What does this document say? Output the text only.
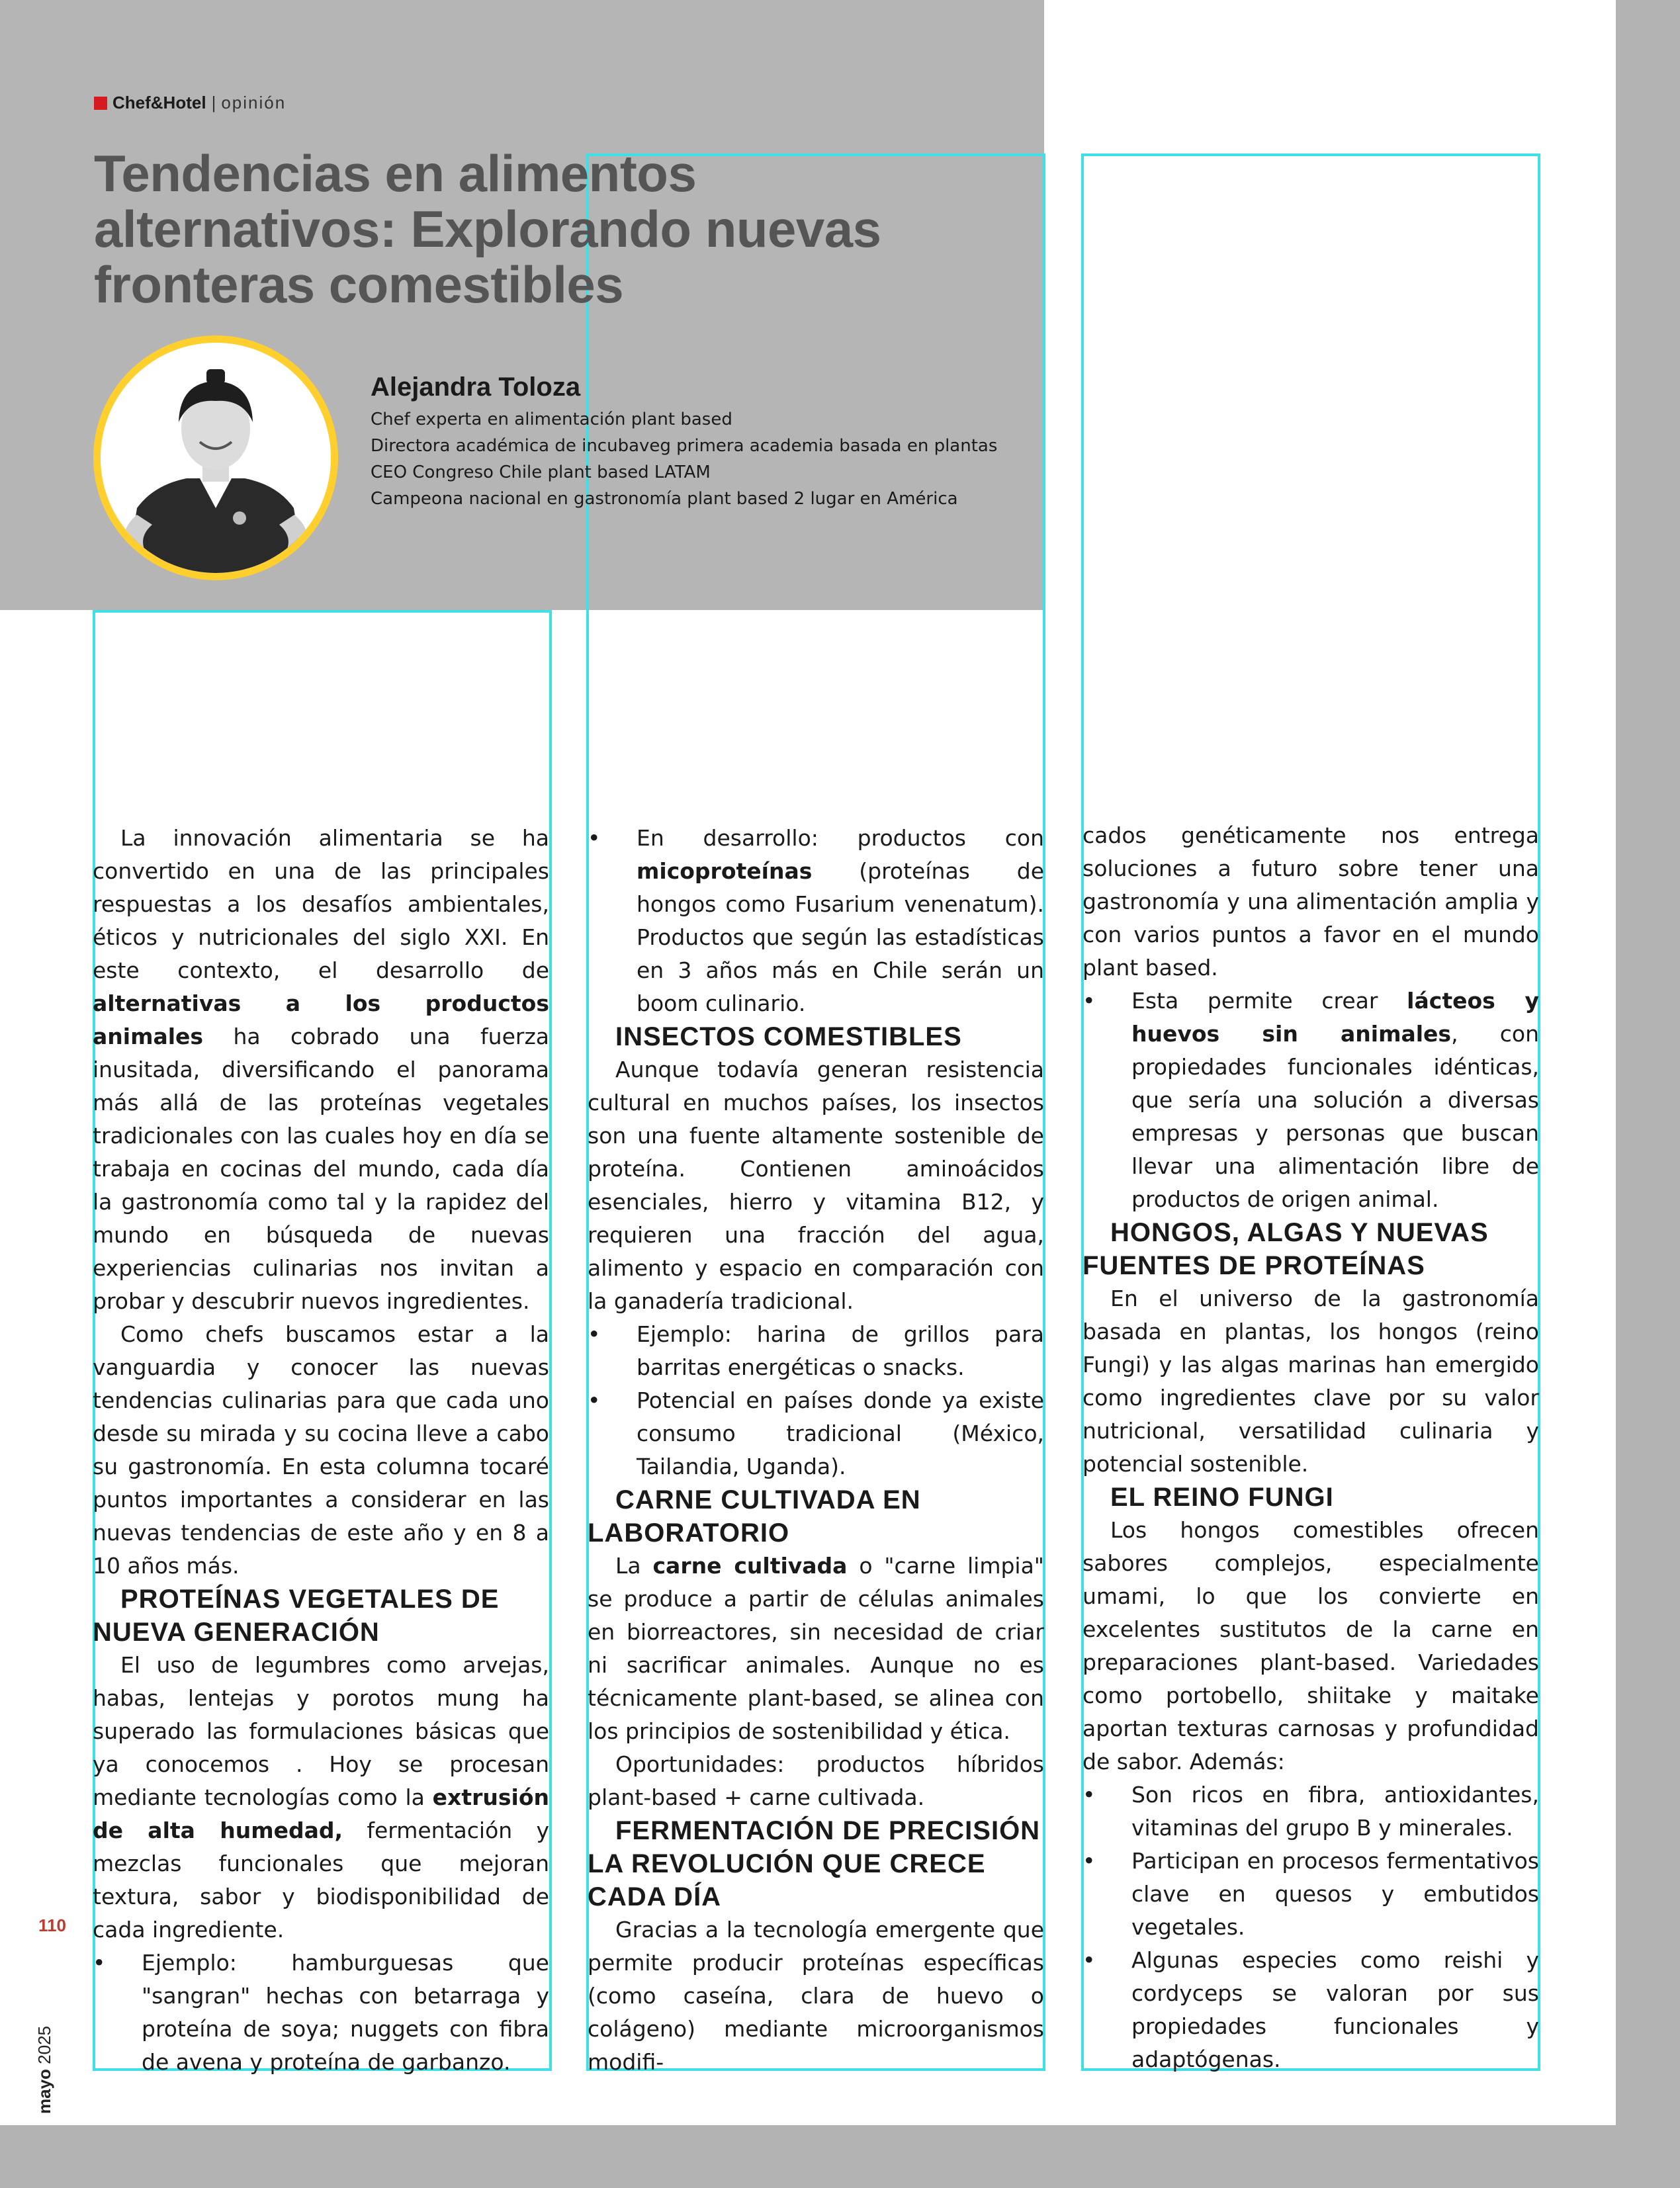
Chef&Hotel | opinión
Tendencias en alimentos alternativos: Explorando nuevas fronteras comestibles
Alejandra Toloza
Chef experta en alimentación plant based
Directora académica de incubaveg primera academia basada en plantas
CEO Congreso Chile plant based LATAM
Campeona nacional en gastronomía plant based 2 lugar en América

La innovación alimentaria se ha convertido en una de las principales respuestas a los desafíos ambientales, éticos y nutricionales del siglo XXI. En este contexto, el desarrollo de alternativas a los productos animales ha cobrado una fuerza inusitada, diversificando el panorama más allá de las proteínas vegetales tradicionales con las cuales hoy en día se trabaja en cocinas del mundo, cada día la gastronomía como tal y la rapidez del mundo en búsqueda de nuevas experiencias culinarias nos invitan a probar y descubrir nuevos ingredientes.

Como chefs buscamos estar a la vanguardia y conocer las nuevas tendencias culinarias para que cada uno desde su mirada y su cocina lleve a cabo su gastronomía. En esta columna tocaré puntos importantes a considerar en las nuevas tendencias de este año y en 8 a 10 años más.

PROTEÍNAS VEGETALES DE NUEVA GENERACIÓN

El uso de legumbres como arvejas, habas, lentejas y porotos mung ha superado las formulaciones básicas que ya conocemos . Hoy se procesan mediante tecnologías como la extrusión de alta humedad, fermentación y mezclas funcionales que mejoran textura, sabor y biodisponibilidad de cada ingrediente.

• Ejemplo: hamburguesas que "sangran" hechas con betarraga y proteína de soya; nuggets con fibra de avena y proteína de garbanzo.
• En desarrollo: productos con micoproteínas (proteínas de hongos como Fusarium venenatum). Productos que según las estadísticas en 3 años más en Chile serán un boom culinario.
INSECTOS COMESTIBLES

Aunque todavía generan resistencia cultural en muchos países, los insectos son una fuente altamente sostenible de proteína. Contienen aminoácidos esenciales, hierro y vitamina B12, y requieren una fracción del agua, alimento y espacio en comparación con la ganadería tradicional.

• Ejemplo: harina de grillos para barritas energéticas o snacks.
• Potencial en países donde ya existe consumo tradicional (México, Tailandia, Uganda).
CARNE CULTIVADA EN LABORATORIO

La carne cultivada o "carne limpia" se produce a partir de células animales en biorreactores, sin necesidad de criar ni sacrificar animales. Aunque no es técnicamente plant-based, se alinea con los principios de sostenibilidad y ética.

Oportunidades: productos híbridos plant-based + carne cultivada.

FERMENTACIÓN DE PRECISIÓN LA REVOLUCIÓN QUE CRECE CADA DÍA

Gracias a la tecnología emergente que permite producir proteínas específicas (como caseína, clara de huevo o colágeno) mediante microorganismos modifi-

cados genéticamente nos entrega soluciones a futuro sobre tener una gastronomía y una alimentación amplia y con varios puntos a favor en el mundo plant based.

• Esta permite crear lácteos y huevos sin animales, con propiedades funcionales idénticas, que sería una solución a diversas empresas y personas que buscan llevar una alimentación libre de productos de origen animal.
HONGOS, ALGAS Y NUEVAS FUENTES DE PROTEÍNAS

En el universo de la gastronomía basada en plantas, los hongos (reino Fungi) y las algas marinas han emergido como ingredientes clave por su valor nutricional, versatilidad culinaria y potencial sostenible.

EL REINO FUNGI

Los hongos comestibles ofrecen sabores complejos, especialmente umami, lo que los convierte en excelentes sustitutos de la carne en preparaciones plant-based. Variedades como portobello, shiitake y maitake aportan texturas carnosas y profundidad de sabor. Además:

• Son ricos en fibra, antioxidantes, vitaminas del grupo B y minerales.
• Participan en procesos fermentativos clave en quesos y embutidos vegetales.
• Algunas especies como reishi y cordyceps se valoran por sus propiedades funcionales y adaptógenas.
110
mayo 2025
